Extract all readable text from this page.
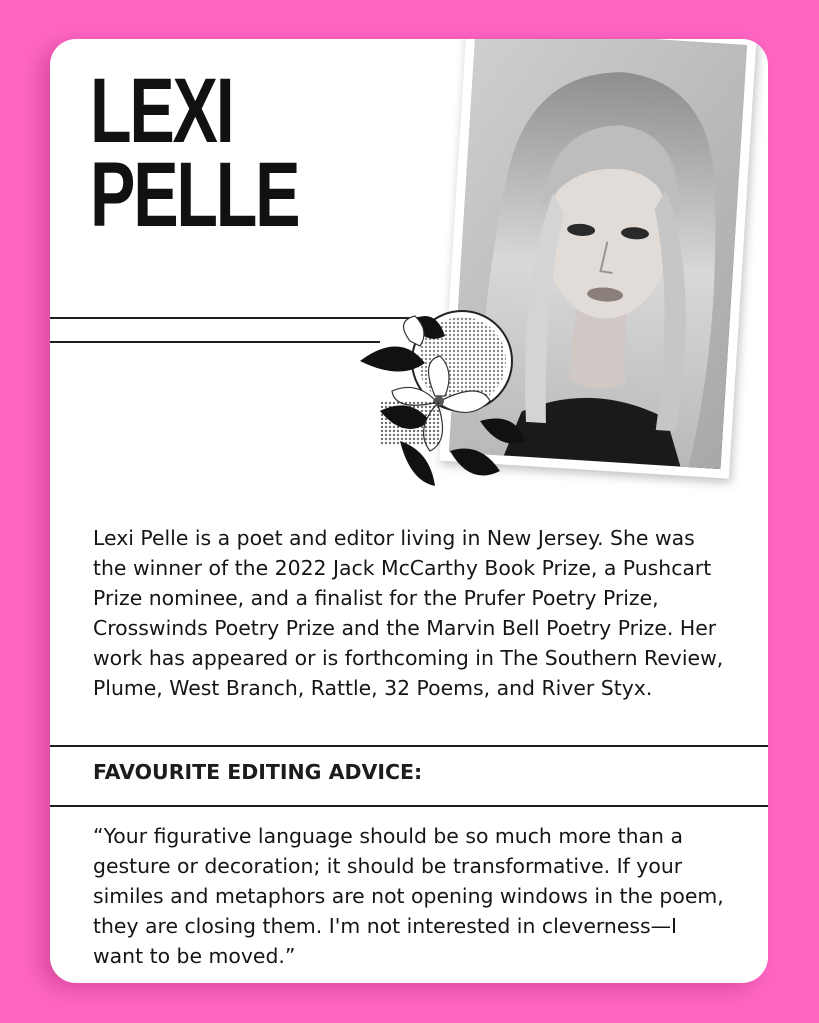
LEXI
PELLE

Lexi Pelle is a poet and editor living in New Jersey. She was the winner of the 2022 Jack McCarthy Book Prize, a Pushcart Prize nominee, and a finalist for the Prufer Poetry Prize, Crosswinds Poetry Prize and the Marvin Bell Poetry Prize. Her work has appeared or is forthcoming in The Southern Review, Plume, West Branch, Rattle, 32 Poems, and River Styx.

FAVOURITE EDITING ADVICE:

“Your figurative language should be so much more than a gesture or decoration; it should be transformative. If your similes and metaphors are not opening windows in the poem, they are closing them. I'm not interested in cleverness—I want to be moved.”
